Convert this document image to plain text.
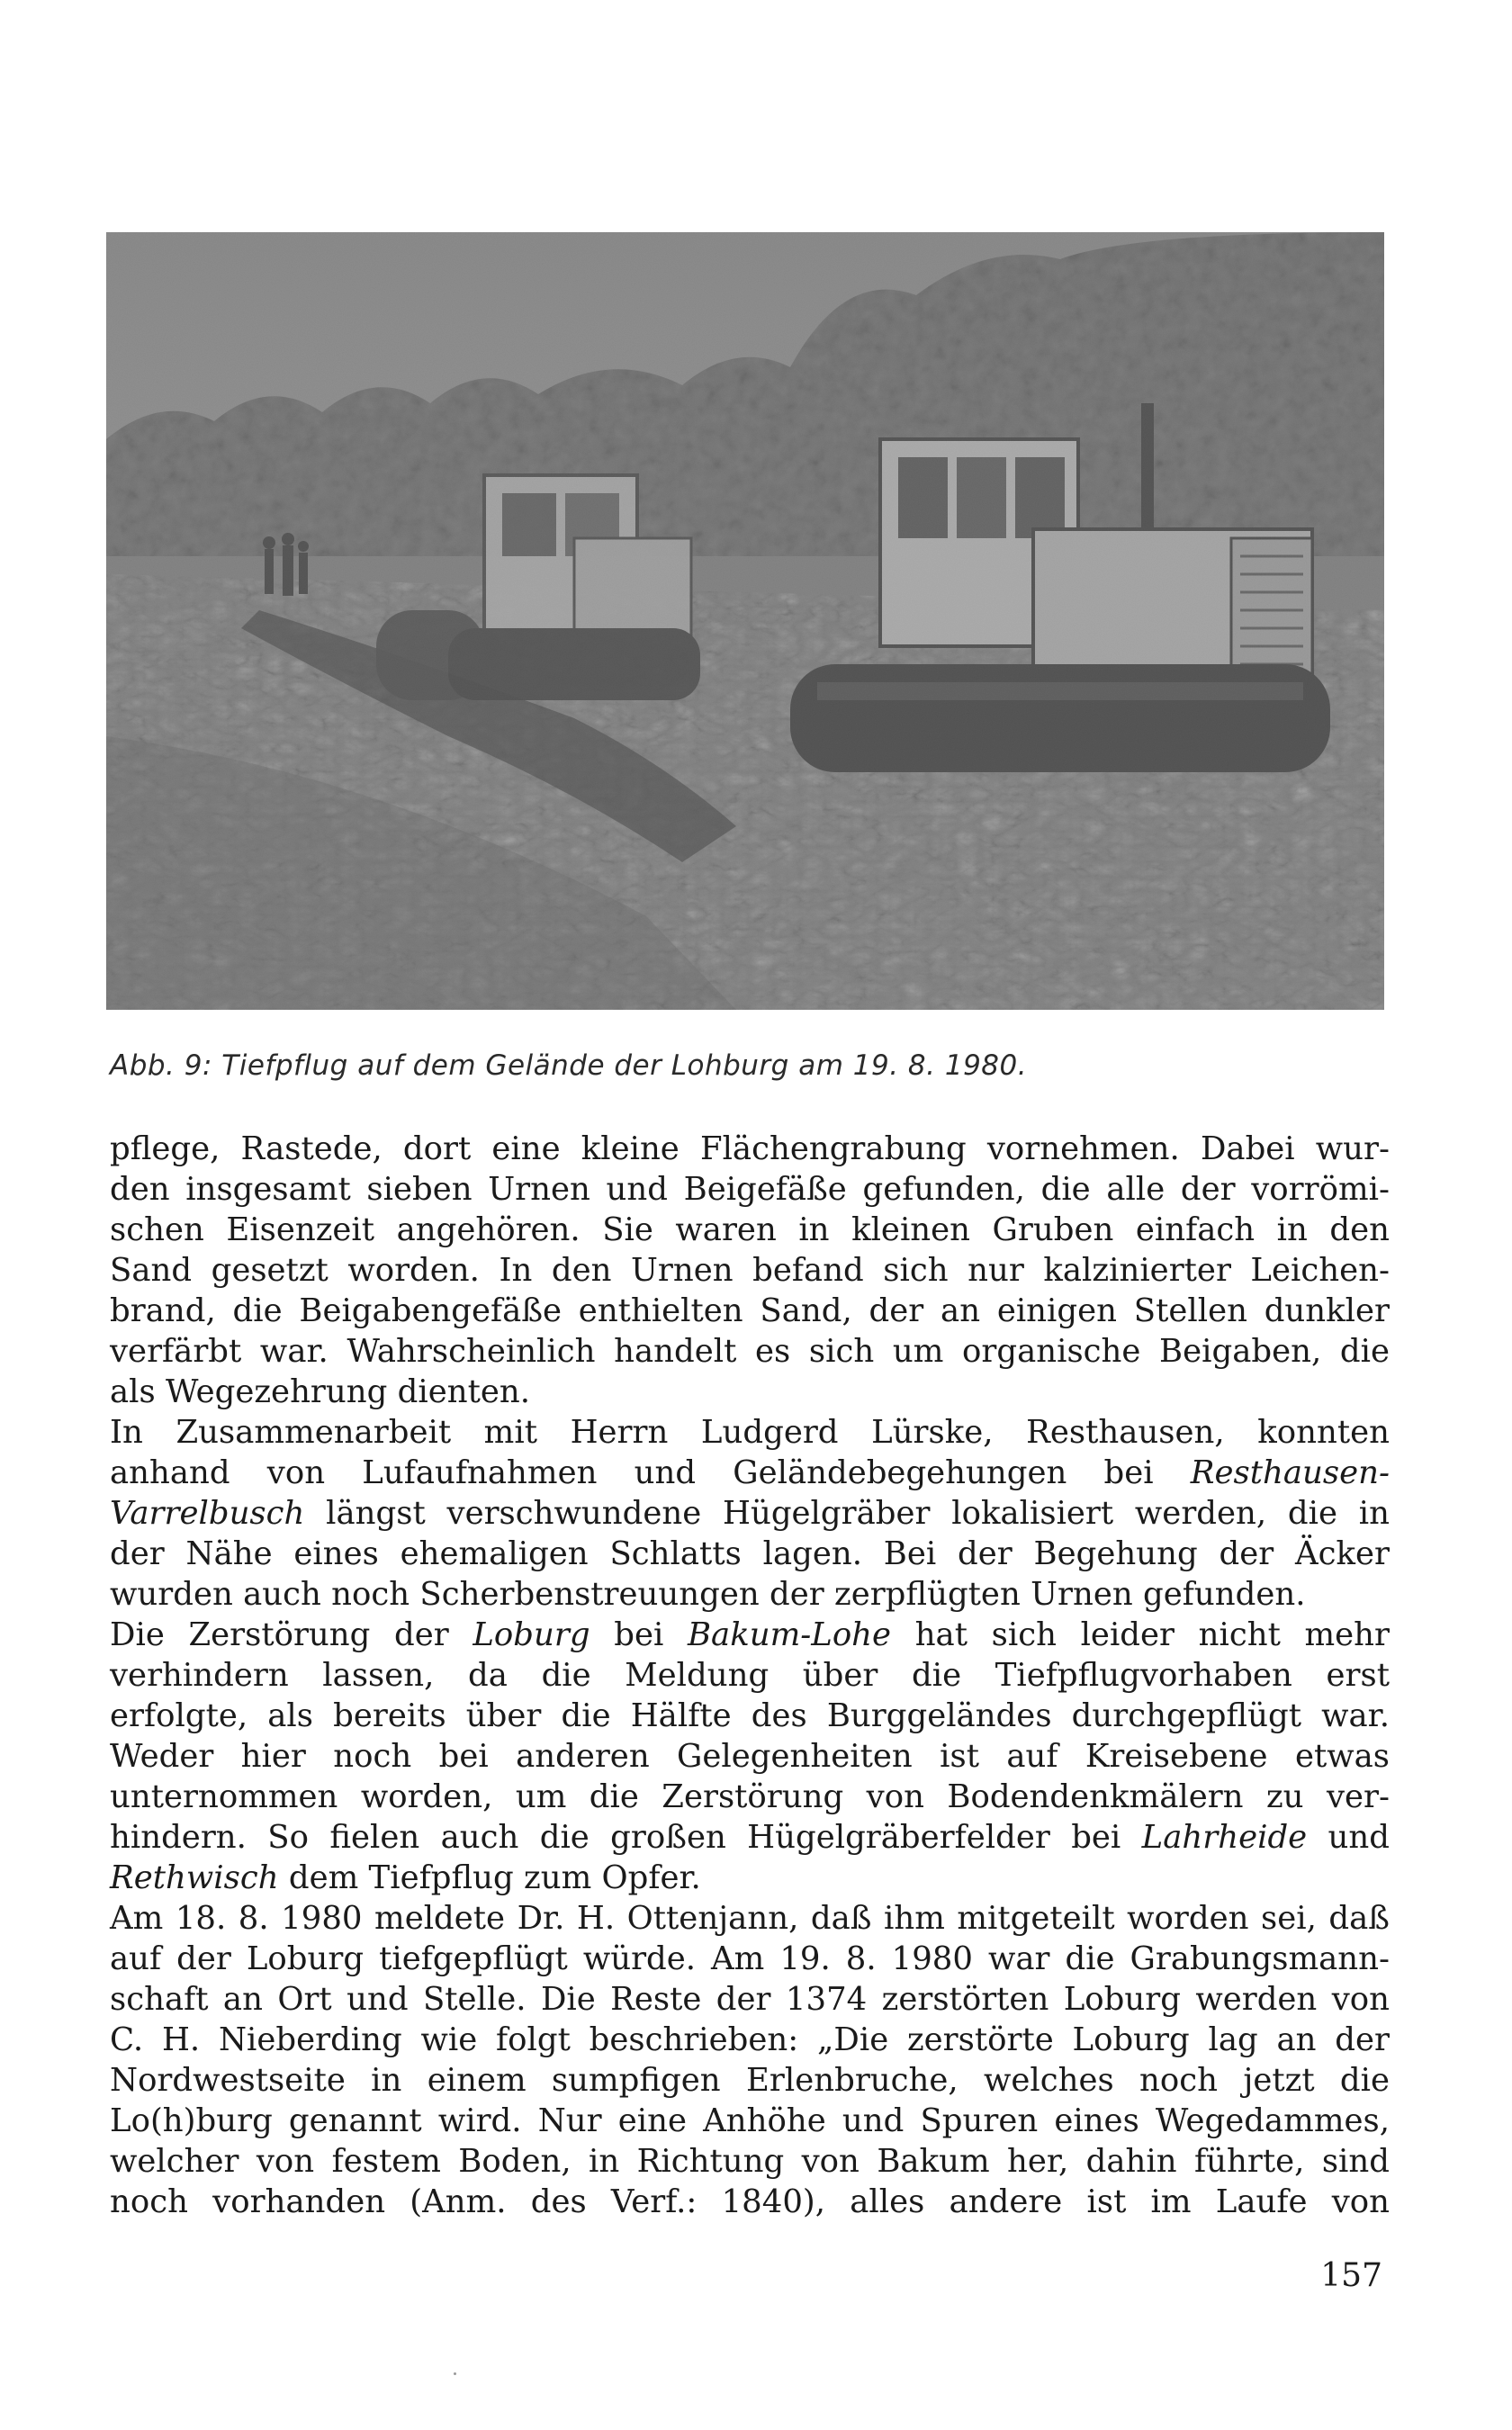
Abb. 9: Tiefpflug auf dem Gelände der Lohburg am 19. 8. 1980.
pflege, Rastede, dort eine kleine Flächengrabung vornehmen. Dabei wur-
den insgesamt sieben Urnen und Beigefäße gefunden, die alle der vorrömi-
schen Eisenzeit angehören. Sie waren in kleinen Gruben einfach in den
Sand gesetzt worden. In den Urnen befand sich nur kalzinierter Leichen-
brand, die Beigabengefäße enthielten Sand, der an einigen Stellen dunkler
verfärbt war. Wahrscheinlich handelt es sich um organische Beigaben, die
als Wegezehrung dienten.
In Zusammenarbeit mit Herrn Ludgerd Lürske, Resthausen, konnten
anhand von Lufaufnahmen und Geländebegehungen bei Resthausen-
Varrelbusch längst verschwundene Hügelgräber lokalisiert werden, die in
der Nähe eines ehemaligen Schlatts lagen. Bei der Begehung der Äcker
wurden auch noch Scherbenstreuungen der zerpflügten Urnen gefunden.
Die Zerstörung der Loburg bei Bakum-Lohe hat sich leider nicht mehr
verhindern lassen, da die Meldung über die Tiefpflugvorhaben erst
erfolgte, als bereits über die Hälfte des Burggeländes durchgepflügt war.
Weder hier noch bei anderen Gelegenheiten ist auf Kreisebene etwas
unternommen worden, um die Zerstörung von Bodendenkmälern zu ver-
hindern. So fielen auch die großen Hügelgräberfelder bei Lahrheide und
Rethwisch dem Tiefpflug zum Opfer.
Am 18. 8. 1980 meldete Dr. H. Ottenjann, daß ihm mitgeteilt worden sei, daß
auf der Loburg tiefgepflügt würde. Am 19. 8. 1980 war die Grabungsmann-
schaft an Ort und Stelle. Die Reste der 1374 zerstörten Loburg werden von
C. H. Nieberding wie folgt beschrieben: „Die zerstörte Loburg lag an der
Nordwestseite in einem sumpfigen Erlenbruche, welches noch jetzt die
Lo(h)burg genannt wird. Nur eine Anhöhe und Spuren eines Wegedammes,
welcher von festem Boden, in Richtung von Bakum her, dahin führte, sind
noch vorhanden (Anm. des Verf.: 1840), alles andere ist im Laufe von
157
